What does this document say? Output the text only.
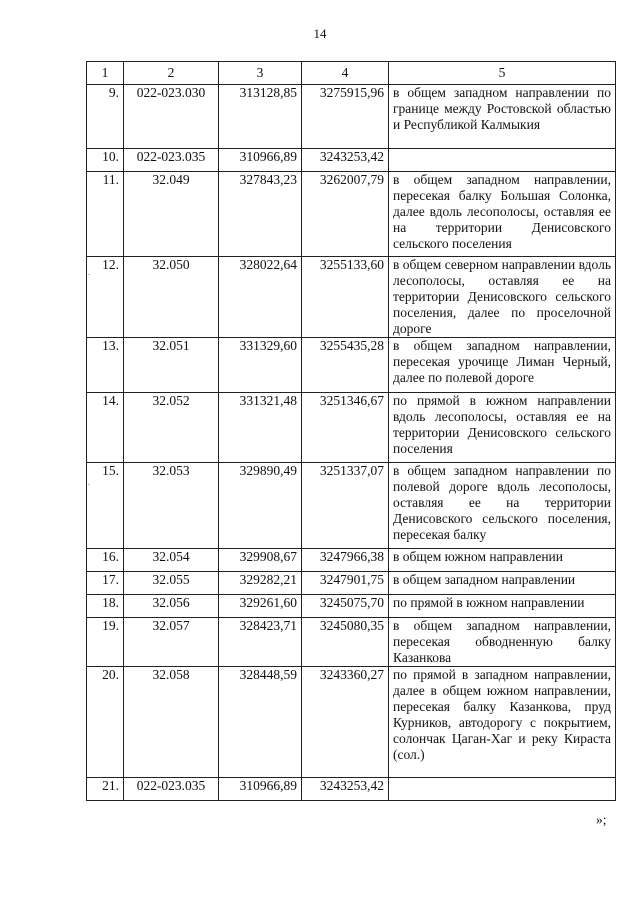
14
1	2	3	4	5
9.	022-023.030	313128,85	3275915,96	в общем западном направлении по границе между Ростовской областью и Республикой Калмыкия
10.	022-023.035	310966,89	3243253,42	
11.	32.049	327843,23	3262007,79	в общем западном направлении, пересекая балку Большая Солонка, далее вдоль лесополосы, оставляя ее на территории Денисовского сельского поселения
12.	32.050	328022,64	3255133,60	в общем северном направлении вдоль лесополосы, оставляя ее на территории Денисовского сельского поселения, далее по проселочной дороге
13.	32.051	331329,60	3255435,28	в общем западном направлении, пересекая урочище Лиман Черный, далее по полевой дороге
14.	32.052	331321,48	3251346,67	по прямой в южном направлении вдоль лесополосы, оставляя ее на территории Денисовского сельского поселения
15.	32.053	329890,49	3251337,07	в общем западном направлении по полевой дороге вдоль лесополосы, оставляя ее на территории Денисовского сельского поселения, пересекая балку
16.	32.054	329908,67	3247966,38	в общем южном направлении
17.	32.055	329282,21	3247901,75	в общем западном направлении
18.	32.056	329261,60	3245075,70	по прямой в южном направлении
19.	32.057	328423,71	3245080,35	в общем западном направлении, пересекая обводненную балку Казанкова
20.	32.058	328448,59	3243360,27	по прямой в западном направлении, далее в общем южном направлении, пересекая балку Казанкова, пруд Курников, автодорогу с покрытием, солончак Цаган-Хаг и реку Кираста (сол.)
21.	022-023.035	310966,89	3243253,42	
»;
.
.
